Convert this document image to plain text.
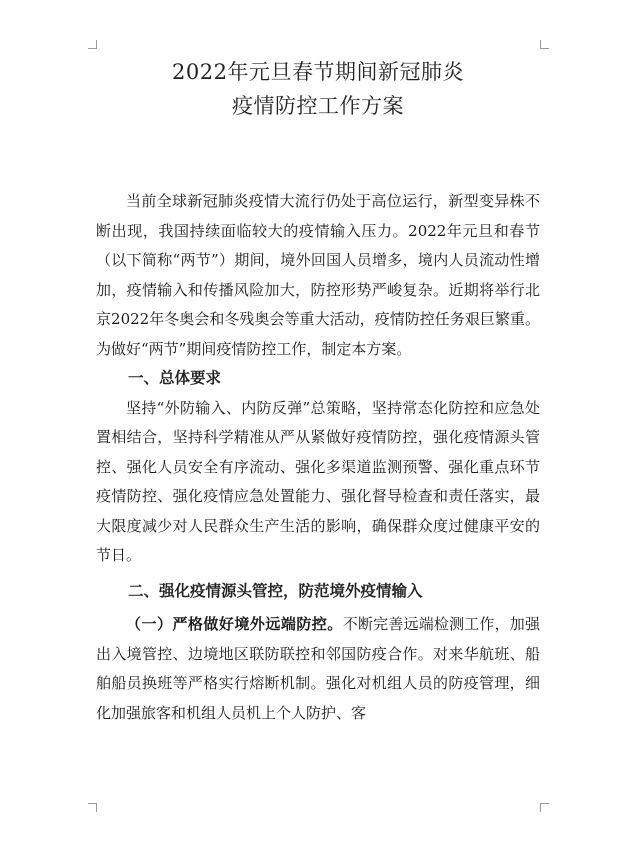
2022年元旦春节期间新冠肺炎
疫情防控工作方案

当前全球新冠肺炎疫情大流行仍处于高位运行，新型变异株不断出现，我国持续面临较大的疫情输入压力。2022年元旦和春节（以下简称“两节”）期间，境外回国人员增多，境内人员流动性增加，疫情输入和传播风险加大，防控形势严峻复杂。近期将举行北京2022年冬奥会和冬残奥会等重大活动，疫情防控任务艰巨繁重。为做好“两节”期间疫情防控工作，制定本方案。

一、总体要求

坚持“外防输入、内防反弹”总策略，坚持常态化防控和应急处置相结合，坚持科学精准从严从紧做好疫情防控，强化疫情源头管控、强化人员安全有序流动、强化多渠道监测预警、强化重点环节疫情防控、强化疫情应急处置能力、强化督导检查和责任落实，最大限度减少对人民群众生产生活的影响，确保群众度过健康平安的节日。

二、强化疫情源头管控，防范境外疫情输入

（一）严格做好境外远端防控。不断完善远端检测工作，加强出入境管控、边境地区联防联控和邻国防疫合作。对来华航班、船舶船员换班等严格实行熔断机制。强化对机组人员的防疫管理，细化加强旅客和机组人员机上个人防护、客
